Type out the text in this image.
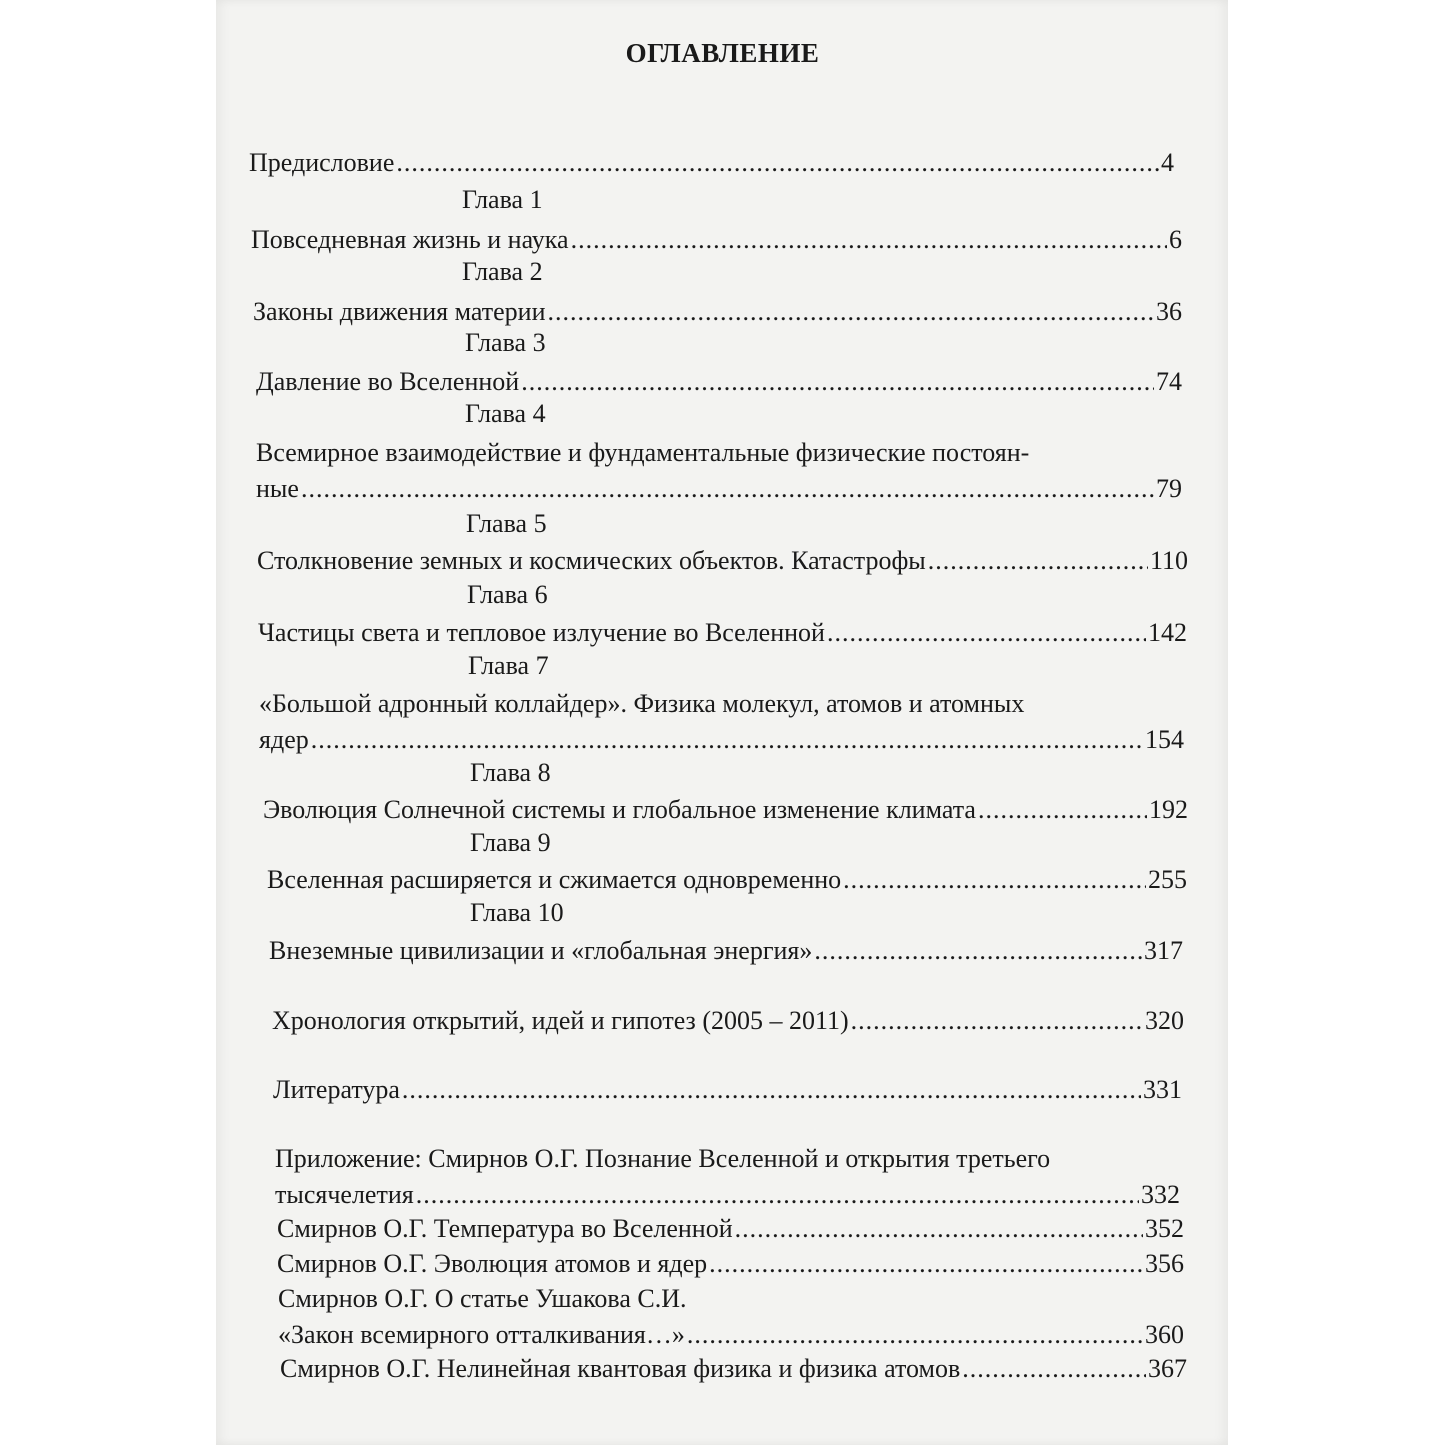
ОГЛАВЛЕНИЕ
Предисловие .....	4
Глава 1
Повседневная жизнь и наука .....	6
Глава 2
Законы движения материи .....	36
Глава 3
Давление во Вселенной .....	74
Глава 4
Всемирное взаимодействие и фундаментальные физические постоян-
ные .....	79
Глава 5
Столкновение земных и космических объектов. Катастрофы .....	110
Глава 6
Частицы света и тепловое излучение во Вселенной .....	142
Глава 7
«Большой адронный коллайдер». Физика молекул, атомов и атомных
ядер .....	154
Глава 8
Эволюция Солнечной системы и глобальное изменение климата .....	192
Глава 9
Вселенная расширяется и сжимается одновременно .....	255
Глава 10
Внеземные цивилизации и «глобальная энергия» .....	317
Хронология открытий, идей и гипотез (2005 – 2011) .....	320
Литература .....	331
Приложение: Смирнов О.Г. Познание Вселенной и открытия третьего
тысячелетия .....	332
Смирнов О.Г. Температура во Вселенной .....	352
Смирнов О.Г. Эволюция атомов и ядер .....	356
Смирнов О.Г. О статье Ушакова С.И.
«Закон всемирного отталкивания…» .....	360
Смирнов О.Г. Нелинейная квантовая физика и физика атомов .....	367
